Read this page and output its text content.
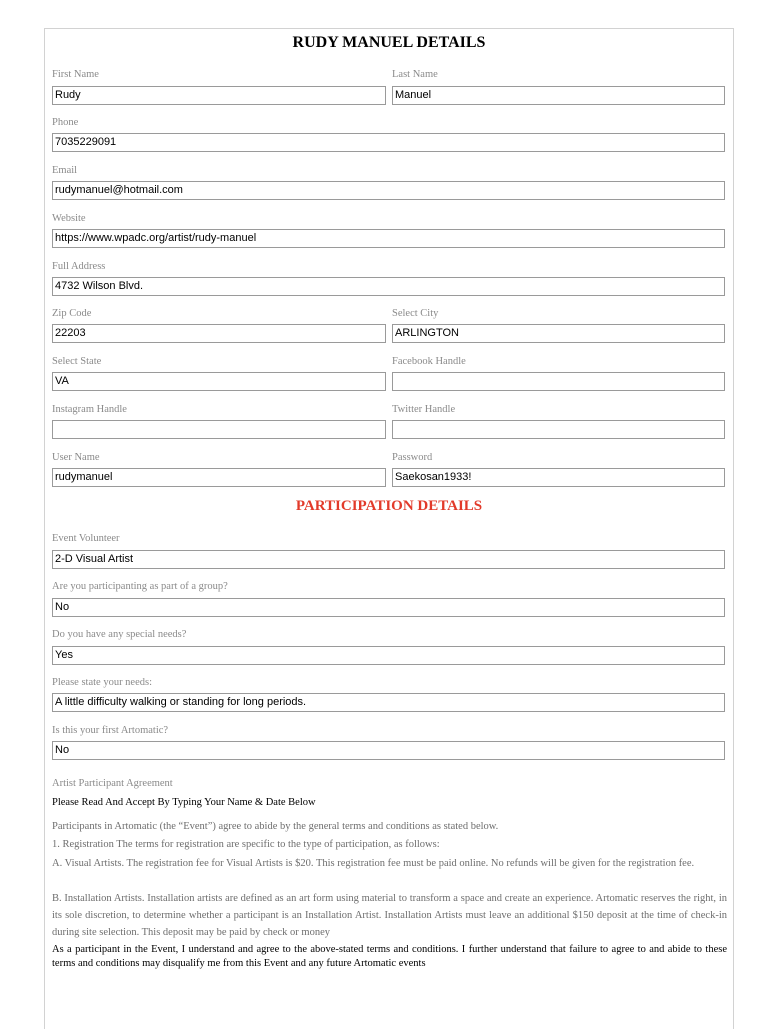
RUDY MANUEL DETAILS
First Name	Last Name
Rudy	Manuel
Phone
7035229091
Email
rudymanuel@hotmail.com
Website
https://www.wpadc.org/artist/rudy-manuel
Full Address
4732 Wilson Blvd.
Zip Code	Select City
22203	ARLINGTON
Select State	Facebook Handle
VA
Instagram Handle	Twitter Handle
User Name	Password
rudymanuel	Saekosan1933!
PARTICIPATION DETAILS
Event Volunteer
2-D Visual Artist
Are you participanting as part of a group?
No
Do you have any special needs?
Yes
Please state your needs:
A little difficulty walking or standing for long periods.
Is this your first Artomatic?
No
Artist Participant Agreement
Please Read And Accept By Typing Your Name & Date Below
Participants in Artomatic (the “Event”) agree to abide by the general terms and conditions as stated below.
1. Registration The terms for registration are specific to the type of participation, as follows:
A. Visual Artists. The registration fee for Visual Artists is $20. This registration fee must be paid online. No refunds will be given for the registration fee.
B. Installation Artists. Installation artists are defined as an art form using material to transform a space and create an experience. Artomatic reserves the right, in its sole discretion, to determine whether a participant is an Installation Artist. Installation Artists must leave an additional $150 deposit at the time of check-in during site selection. This deposit may be paid by check or money
As a participant in the Event, I understand and agree to the above-stated terms and conditions. I further understand that failure to agree to and abide to these terms and conditions may disqualify me from this Event and any future Artomatic events
